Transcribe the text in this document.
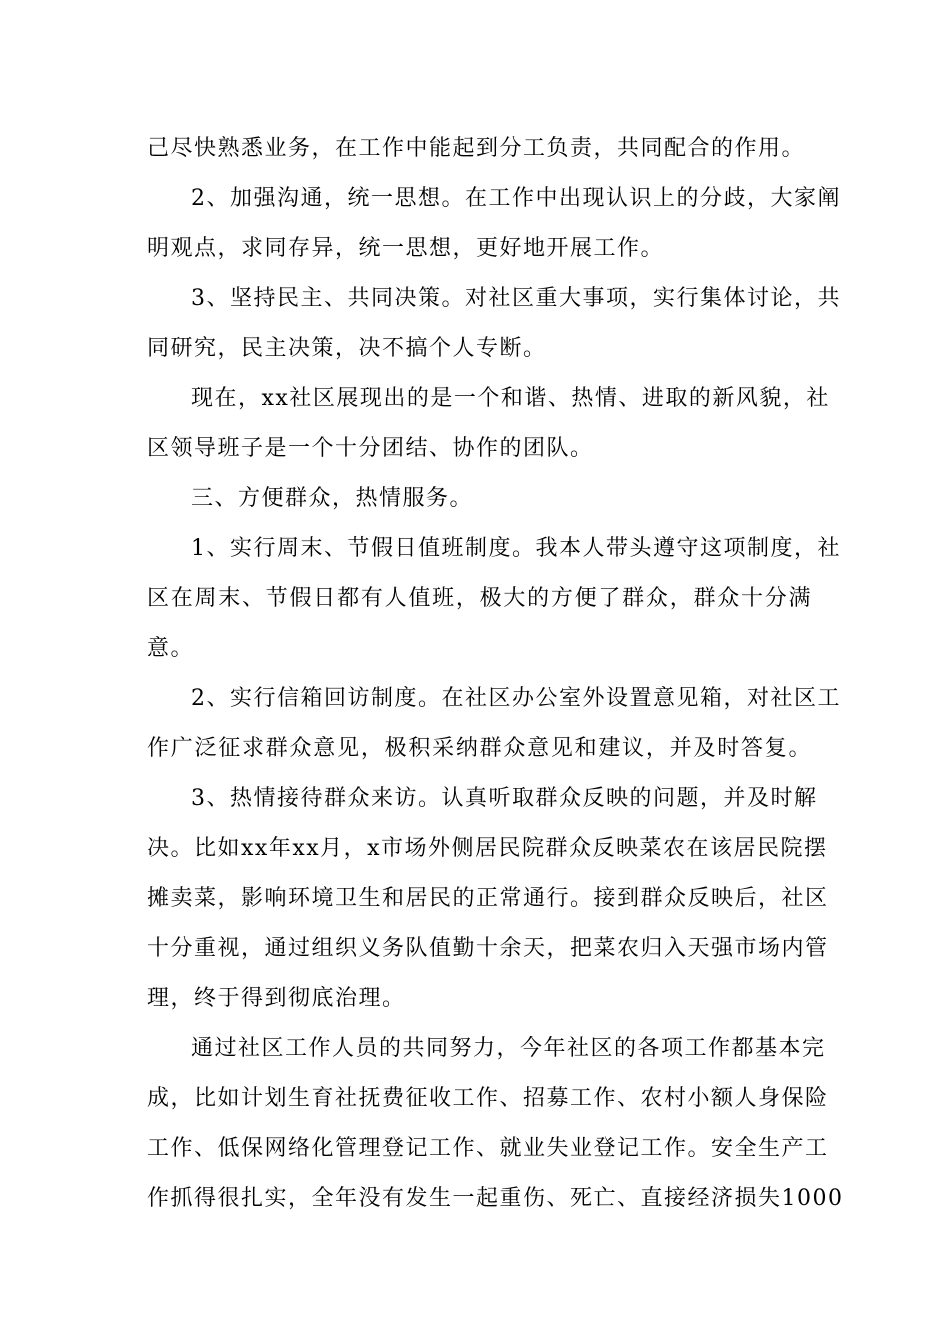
己尽快熟悉业务，在工作中能起到分工负责，共同配合的作用。
2、加强沟通，统一思想。在工作中出现认识上的分歧，大家阐
明观点，求同存异，统一思想，更好地开展工作。
3、坚持民主、共同决策。对社区重大事项，实行集体讨论，共
同研究，民主决策，决不搞个人专断。
现在，xx社区展现出的是一个和谐、热情、进取的新风貌，社
区领导班子是一个十分团结、协作的团队。
三、方便群众，热情服务。
1、实行周末、节假日值班制度。我本人带头遵守这项制度，社
区在周末、节假日都有人值班，极大的方便了群众，群众十分满
意。
2、实行信箱回访制度。在社区办公室外设置意见箱，对社区工
作广泛征求群众意见，极积采纳群众意见和建议，并及时答复。
3、热情接待群众来访。认真听取群众反映的问题，并及时解
决。比如xx年xx月，x市场外侧居民院群众反映菜农在该居民院摆
摊卖菜，影响环境卫生和居民的正常通行。接到群众反映后，社区
十分重视，通过组织义务队值勤十余天，把菜农归入天强市场内管
理，终于得到彻底治理。
通过社区工作人员的共同努力，今年社区的各项工作都基本完
成，比如计划生育社抚费征收工作、招募工作、农村小额人身保险
工作、低保网络化管理登记工作、就业失业登记工作。安全生产工
作抓得很扎实，全年没有发生一起重伤、死亡、直接经济损失1000
